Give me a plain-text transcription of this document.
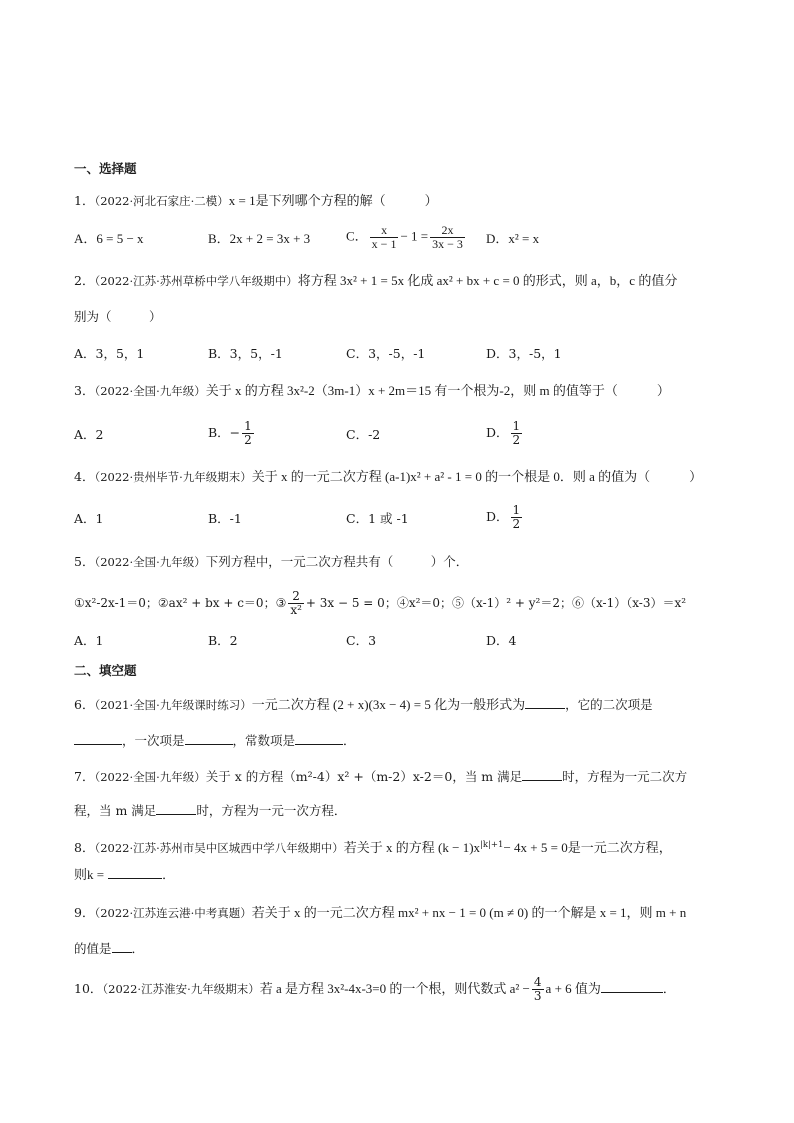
一、选择题
1．（2022·河北石家庄·二模）x = 1是下列哪个方程的解（　　　）
A．6 = 5 − x	B．2x + 2 = 3x + 3	C． $\frac{x}{x - 1} - 1 = \frac{2x}{3x - 3}$ D．x² = x
2．（2022·江苏·苏州草桥中学八年级期中）将方程 3x² + 1 = 5x 化成 ax² + bx + c = 0 的形式，则 a，b，c 的值分
别为（　　　）
A．3，5，1	B．3，5，-1	C．3，-5，-1	D．3，-5，1
3．（2022·全国·九年级）关于 x 的方程 3x²-2（3m-1）x + 2m＝15 有一个根为-2，则 m 的值等于（　　　）
A．2	B．− $\frac{1}{2}$	C．-2	D． $\frac{1}{2}$
4．（2022·贵州毕节·九年级期末）关于 x 的一元二次方程 (a-1)x² + a² - 1 = 0 的一个根是 0．则 a 的值为（　　　）
A．1	B．-1	C．1 或 -1	D． $\frac{1}{2}$
5．（2022·全国·九年级）下列方程中，一元二次方程共有（　　　）个．
①x²-2x-1＝0；②ax² + bx + c＝0；③ $\frac{2}{\text{x²}} + 3x - 5 = 0$；④x²＝0；⑤（x-1）² + y²＝2；⑥（x-1）（x-3）＝x²
A．1	B．2	C．3	D．4
二、填空题
6．（2021·全国·九年级课时练习）一元二次方程 (2 + x)(3x − 4) = 5 化为一般形式为	，它的二次项是
，一次项是	，常数项是	．
7．（2022·全国·九年级）关于 x 的方程（m²-4）x² +（m-2）x-2＝0，当 m 满足	时，方程为一元二次方
程，当 m 满足	时，方程为一元一次方程．
8．（2022·江苏·苏州市吴中区城西中学八年级期中）若关于 x 的方程 $(k - 1)x^{|k|+1}- 4x + 5 = 0$是一元二次方程，
则k =	．
9．（2022·江苏连云港·中考真题）若关于 x 的一元二次方程 mx² + nx − 1 = 0 (m ≠ 0) 的一个解是 x = 1，则 m + n
的值是 ．
10．（2022·江苏淮安·九年级期末）若 a 是方程 3x²-4x-3=0 的一个根，则代数式 $a^2 - \frac{4}{3}$ a + 6 值为	．
